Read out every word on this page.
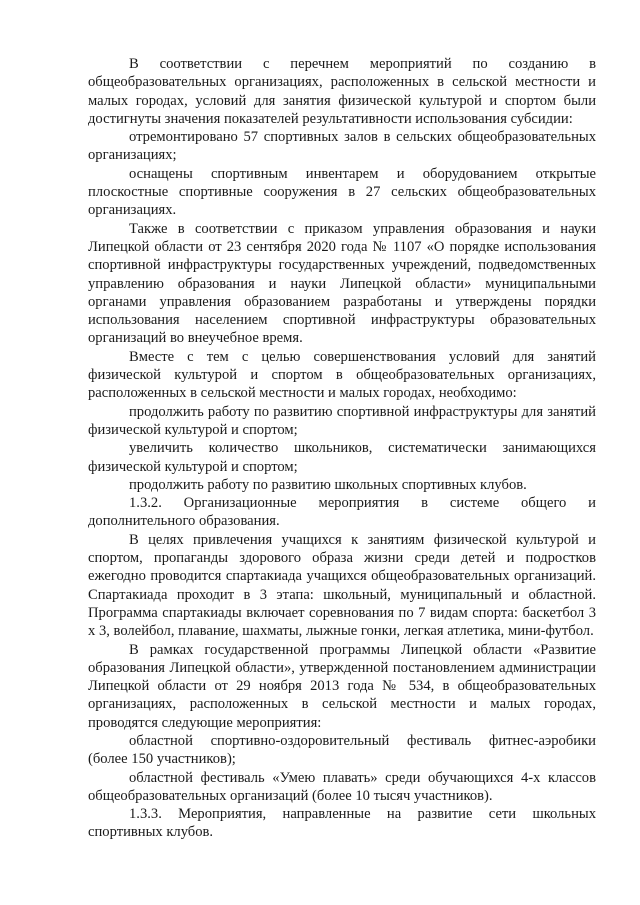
В соответствии с перечнем мероприятий по созданию в общеобразовательных организациях, расположенных в сельской местности и малых городах, условий для занятия физической культурой и спортом были достигнуты значения показателей результативности использования субсидии:

отремонтировано 57 спортивных залов в сельских общеобразовательных организациях;

оснащены спортивным инвентарем и оборудованием открытые плоскостные спортивные сооружения в 27 сельских общеобразовательных организациях.

Также в соответствии с приказом управления образования и науки Липецкой области от 23 сентября 2020 года № 1107 «О порядке использования спортивной инфраструктуры государственных учреждений, подведомственных управлению образования и науки Липецкой области» муниципальными органами управления образованием разработаны и утверждены порядки использования населением спортивной инфраструктуры образовательных организаций во внеучебное время.

Вместе с тем с целью совершенствования условий для занятий физической культурой и спортом в общеобразовательных организациях, расположенных в сельской местности и малых городах, необходимо:

продолжить работу по развитию спортивной инфраструктуры для занятий физической культурой и спортом;

увеличить количество школьников, систематически занимающихся физической культурой и спортом;

продолжить работу по развитию школьных спортивных клубов.

1.3.2. Организационные мероприятия в системе общего и дополнительного образования.

В целях привлечения учащихся к занятиям физической культурой и спортом, пропаганды здорового образа жизни среди детей и подростков ежегодно проводится спартакиада учащихся общеобразовательных организаций. Спартакиада проходит в 3 этапа: школьный, муниципальный и областной. Программа спартакиады включает соревнования по 7 видам спорта: баскетбол 3 х 3, волейбол, плавание, шахматы, лыжные гонки, легкая атлетика, мини-футбол.

В рамках государственной программы Липецкой области «Развитие образования Липецкой области», утвержденной постановлением администрации Липецкой области от 29 ноября 2013 года № 534, в общеобразовательных организациях, расположенных в сельской местности и малых городах, проводятся следующие мероприятия:

областной спортивно-оздоровительный фестиваль фитнес-аэробики (более 150 участников);

областной фестиваль «Умею плавать» среди обучающихся 4-х классов общеобразовательных организаций (более 10 тысяч участников).

1.3.3. Мероприятия, направленные на развитие сети школьных спортивных клубов.
